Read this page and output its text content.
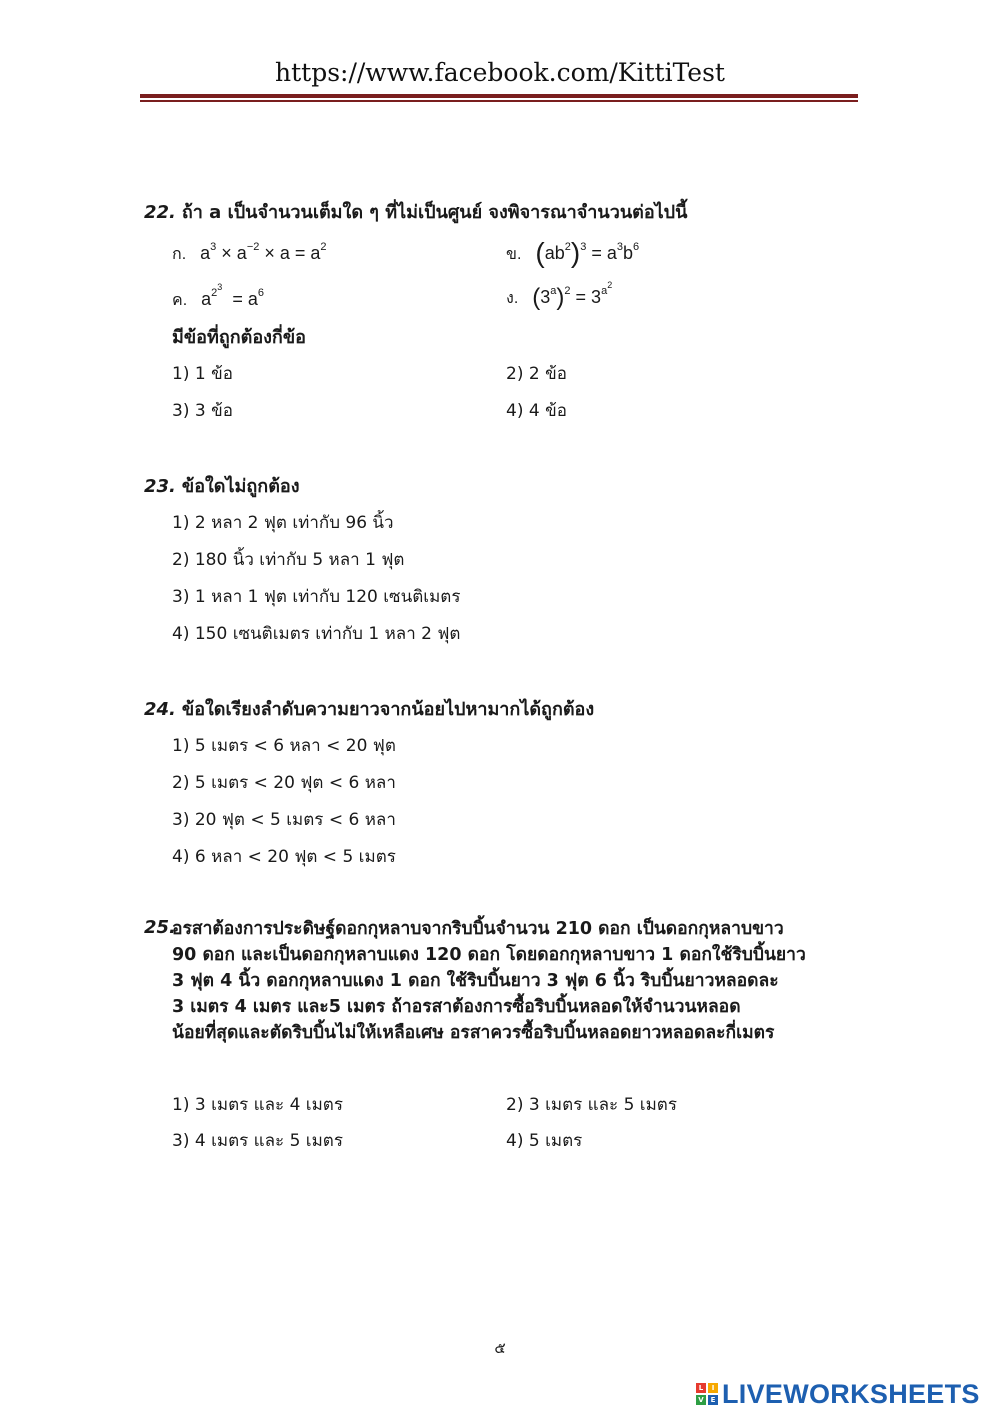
https://www.facebook.com/KittiTest
22. ถ้า a เป็นจำนวนเต็มใด ๆ ที่ไม่เป็นศูนย์ จงพิจารณาจำนวนต่อไปนี้
ก. $a^3 \times a^{-2} \times a = a^2$	ข. $(ab^2)^3 = a^3b^6$
ค. $a^{2^3} = a^6$	ง. $(3^a)^2 = 3^{a^2}$
มีข้อที่ถูกต้องกี่ข้อ
1) 1 ข้อ	2) 2 ข้อ
3) 3 ข้อ	4) 4 ข้อ
23. ข้อใดไม่ถูกต้อง
1) 2 หลา 2 ฟุต เท่ากับ 96 นิ้ว
2) 180 นิ้ว เท่ากับ 5 หลา 1 ฟุต
3) 1 หลา 1 ฟุต เท่ากับ 120 เซนติเมตร
4) 150 เซนติเมตร เท่ากับ 1 หลา 2 ฟุต
24. ข้อใดเรียงลำดับความยาวจากน้อยไปหามากได้ถูกต้อง
1) 5 เมตร < 6 หลา < 20 ฟุต
2) 5 เมตร < 20 ฟุต < 6 หลา
3) 20 ฟุต < 5 เมตร < 6 หลา
4) 6 หลา < 20 ฟุต < 5 เมตร
25.
อรสาต้องการประดิษฐ์ดอกกุหลาบจากริบบิ้นจำนวน 210 ดอก เป็นดอกกุหลาบขาว
90 ดอก และเป็นดอกกุหลาบแดง 120 ดอก โดยดอกกุหลาบขาว 1 ดอกใช้ริบบิ้นยาว
3 ฟุต 4 นิ้ว ดอกกุหลาบแดง 1 ดอก ใช้ริบบิ้นยาว 3 ฟุต 6 นิ้ว ริบบิ้นยาวหลอดละ
3 เมตร 4 เมตร และ5 เมตร ถ้าอรสาต้องการซื้อริบบิ้นหลอดให้จำนวนหลอด
น้อยที่สุดและตัดริบบิ้นไม่ให้เหลือเศษ อรสาควรซื้อริบบิ้นหลอดยาวหลอดละกี่เมตร
1) 3 เมตร และ 4 เมตร	2) 3 เมตร และ 5 เมตร
3) 4 เมตร และ 5 เมตร	4) 5 เมตร
๕
L	I
V E LIVEWORKSHEETS
